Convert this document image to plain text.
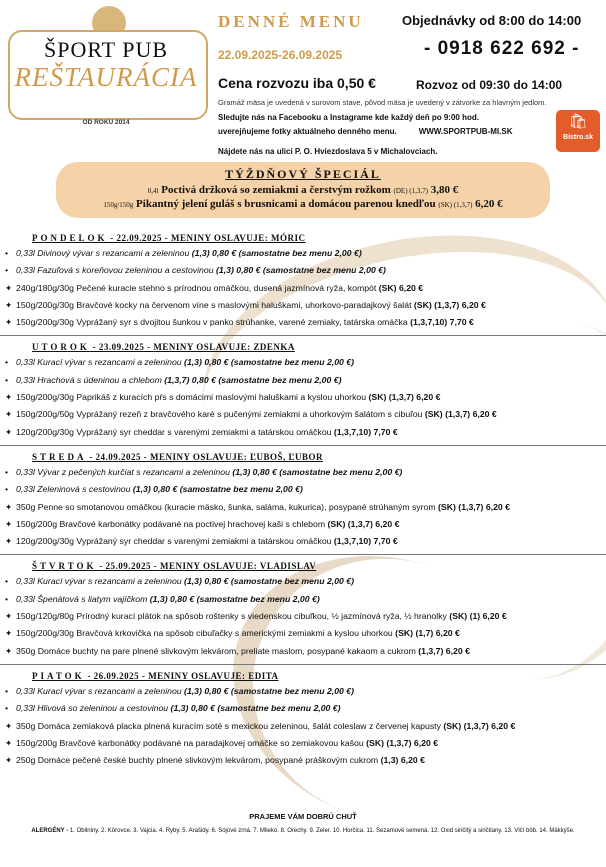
ŠPORT PUB
REŠTAURÁCIA
OD ROKU 2014
DENNÉ MENU
22.09.2025-26.09.2025
Cena rozvozu iba 0,50 €
Objednávky od 8:00 do 14:00
- 0918 622 692 -
Rozvoz od 09:30 do 14:00
Gramáž mäsa je uvedená v surovom stave, pôvod mäsa je uvedený v zátvorke za hlavným jedlom.
Sledujte nás na Facebooku a Instagrame kde každý deň po 9:00 hod.
uverejňujeme fotky aktuálneho denného menu.	WWW.SPORTPUB-MI.SK
Nájdete nás na ulici P. O. Hviezdoslava 5 v Michalovciach.
🛍
Bistro.sk
TÝŽDŇOVÝ ŠPECIÁL
0,4l Poctivá držková so zemiakmi a čerstvým rožkom (DE) (1,3,7) 3,80 €
150g/150g Pikantný jelení guláš s brusnicami a domácou parenou knedľou (SK) (1,3,7) 6,20 €
PONDELOK - 22.09.2025 - MENINY OSLAVUJE: MÓRIC
• 0,33l Divinový vývar s rezancami a zeleninou (1,3) 0,80 € (samostatne bez menu 2,00 €)
• 0,33l Fazuľová s koreňovou zeleninou a cestovinou (1,3) 0,80 € (samostatne bez menu 2,00 €)
✦ 240g/180g/30g Pečené kuracie stehno s prírodnou omáčkou, dusená jazmínová ryža, kompót (SK) 6,20 €
✦ 150g/200g/30g Bravčové kocky na červenom víne s maslovými haluškami, uhorkovo-paradajkový šalát (SK) (1,3,7) 6,20 €
✦ 150g/200g/30g Vyprážaný syr s dvojitou šunkou v panko strúhanke, varené zemiaky, tatárska omáčka (1,3,7,10) 7,70 €
UTOROK - 23.09.2025 - MENINY OSLAVUJE: ZDENKA
• 0,33l Kurací vývar s rezancami a zeleninou (1,3) 0,80 € (samostatne bez menu 2,00 €)
• 0,33l Hrachová s údeninou a chlebom (1,3,7) 0,80 € (samostatne bez menu 2,00 €)
✦ 150g/200g/30g Paprikáš z kuracích pŕs s domácimi maslovými haluškami a kyslou uhorkou (SK) (1,3,7) 6,20 €
✦ 150g/200g/50g Vyprážaný rezeň z bravčového karé s pučenými zemiakmi a uhorkovým šalátom s cibuľou (SK) (1,3,7) 6,20 €
✦ 120g/200g/30g Vyprážaný syr cheddar s varenými zemiakmi a tatárskou omáčkou (1,3,7,10) 7,70 €
STREDA - 24.09.2025 - MENINY OSLAVUJE: ĽUBOŠ, ĽUBOR
• 0,33l Vývar z pečených kurčiat s rezancami a zeleninou (1,3) 0,80 € (samostatne bez menu 2,00 €)
• 0,33l Zeleninová s cestovinou (1,3) 0,80 € (samostatne bez menu 2,00 €)
✦ 350g Penne so smotanovou omáčkou (kuracie mäsko, šunka, saláma, kukurica), posypané strúhaným syrom (SK) (1,3,7) 6,20 €
✦ 150g/200g Bravčové karbonátky podávané na poctivej hrachovej kaši s chlebom (SK) (1,3,7) 6,20 €
✦ 120g/200g/30g Vyprážaný syr cheddar s varenými zemiakmi a tatárskou omáčkou (1,3,7,10) 7,70 €
ŠTVRTOK - 25.09.2025 - MENINY OSLAVUJE: VLADISLAV
• 0,33l Kurací vývar s rezancami a zeleninou (1,3) 0,80 € (samostatne bez menu 2,00 €)
• 0,33l Špenátová s liatym vajíčkom (1,3) 0,80 € (samostatne bez menu 2,00 €)
✦ 150g/120g/80g Prírodný kurací plátok na spôsob roštenky s viedenskou cibuľkou, ½ jazmínová ryža, ½ hranolky (SK) (1) 6,20 €
✦ 150g/200g/30g Bravčová krkovička na spôsob cibuľačky s americkými zemiakmi a kyslou uhorkou (SK) (1,7) 6,20 €
✦ 350g Domáce buchty na pare plnené slivkovým lekvárom, preliate maslom, posypané kakaom a cukrom (1,3,7) 6,20 €
PIATOK - 26.09.2025 - MENINY OSLAVUJE: EDITA
• 0,33l Kurací vývar s rezancami a zeleninou (1,3) 0,80 € (samostatne bez menu 2,00 €)
• 0,33l Hlivová so zeleninou a cestovinou (1,3) 0,80 € (samostatne bez menu 2,00 €)
✦ 350g Domáca zemiaková placka plnená kuracím soté s mexickou zeleninou, šalát coleslaw z červenej kapusty (SK) (1,3,7) 6,20 €
✦ 150g/200g Bravčové karbonátky podávané na paradajkovej omáčke so zemiakovou kašou (SK) (1,3,7) 6,20 €
✦ 250g Domáce pečené české buchty plnené slivkovým lekvárom, posypané práškovým cukrom (1,3) 6,20 €
PRAJEME VÁM DOBRÚ CHUŤ
ALERGÉNY - 1. Obilniny. 2. Kôrovce. 3. Vajcia. 4. Ryby. 5. Arašidy. 6. Sójové zrná. 7. Mlieko. 8. Orechy. 9. Zeler. 10. Horčica. 11. Sezamové semená. 12. Oxid siričitý a siričitany. 13. Vlčí bôb. 14. Mäkkýše.
